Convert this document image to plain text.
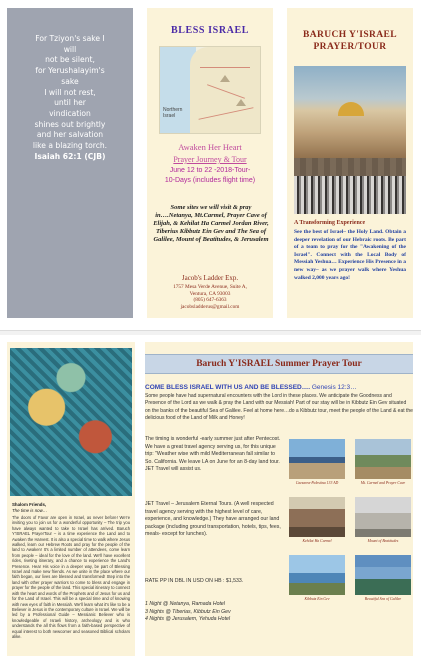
For Tziyon's sake I
will
not be silent,
for Yerushalayim's
sake
I will not rest,
until her
vindication
shines out brightly
and her salvation
like a blazing torch.
Isaiah 62:1 (CJB)
BLESS ISRAEL
Northern
Israel
Awaken Her Heart
Prayer Journey & Tour
June 12 to 22 -2018-Tour-
10-Days (includes flight time)
Some sites we will visit & pray in….Netanya, Mt.Carmel, Prayer Cave of Elijah, & Kehilat Ha Carmel Jordan River, Tiberius Kibbutz Ein Gev and The Sea of Galilee, Mount of Beatitudes, & Jerusalem
Jacob's Ladder Exp.
1757 Mesa Verde Avenue, Suite A,
Ventura, CA 93003
(805) 647-6363
jacobsladderus@gmail.com
BARUCH Y'ISRAEL
PRAYER/TOUR
A Transforming Experience
See the best of Israel– the Holy Land. Obtain a deeper revelation of our Hebraic roots. Be part of a team to pray for the "Awakening of the Israel". Connect with the Local Body of Messiah Yeshua… Experience His Presence in a new way– as we prayer walk where Yeshua walked 2,000 years ago!
Shalom Friends,
The time is now…
The doors of Favor are open in Israel, as never before! We're inviting you to join us for a wonderful opportunity – The trip you have always wanted to take to Israel has arrived. Baruch Y'ISRAEL PrayerTour – is a time experience the Land and to Awaken the Harvest. It is also a special time to walk where Jesus walked, learn our Hebrew Roots and pray for the people of the land to Awaken! It's a limited number of attendees, come learn from people – ideal for the love of the land. We'll have excellent rides, riveting itinerary, and a chance to experience the Land's Presence. Hear His voice in a deeper way, be part of Blessing Israel and make new friends. As we unite in the place where our faith began, our lives are blessed and transformed! Step into the land with other prayer warriors to come to bless and engage in prayer for the people of the land. This special itinerary to connect with the heart and words of the Prophets and of Jesus for us and for the Land of Israel. This will be a special time and of knowing with new eyes of faith in Messiah. We'll learn what it's like to be a Believer in Jesus in the contemporary culture in Israel. We will be led by a Professional Guide – Messianic Believer who is knowledgeable of Israeli history, archeology and is who understands the all this flows from a faith-based perspective of equal interest to both newcomer and seasoned Biblical scholars alike.
Baruch Y'ISRAEL Summer Prayer Tour
COME BLESS ISRAEL WITH US AND BE BLESSED…. Genesis 12:3…
Some people have had supernatural encounters with the Lord in these places. We anticipate the Goodness and Presence of the Lord as we walk & pray the Land with our Messiah! Part of our stay will be in Kibbutz Ein Gev situated on the banks of the beautiful Sea of Galilee. Feel at home here…do a Kibbutz tour, meet the people of the Land & eat the delicious food of the Land of Milk and Honey!
The timing is wonderful -early summer just after Pentecost. We have a great travel agency serving us, for this unique trip: "Weather wise with mild Mediterranean fall similar to So. California. We leave LA on June for an 8-day land tour. JET Travel will assist us.
JET Travel – Jerusalem Eternal Tours. (A well respected travel agency serving with the highest level of care, experience, and knowledge.) They have arranged our land package (including ground transportation, hotels, tips, fees, meals- except for lunches).
RATE PP IN DBL IN USD ON HB : $1,533.
1 Night @ Netanya, Ramada Hotel
3 Nights @ Tiberias, Kibbutz Ein Gev
4 Nights @ Jerusalem, Yehuda Hotel
Caesarea-Palestina 133 AD	Mt. Carmel and Prayer Cave
Kehilat Ha Carmel	Mount of Beatitudes
Kibbutz Ein Gev	Beautiful Sea of Galilee
